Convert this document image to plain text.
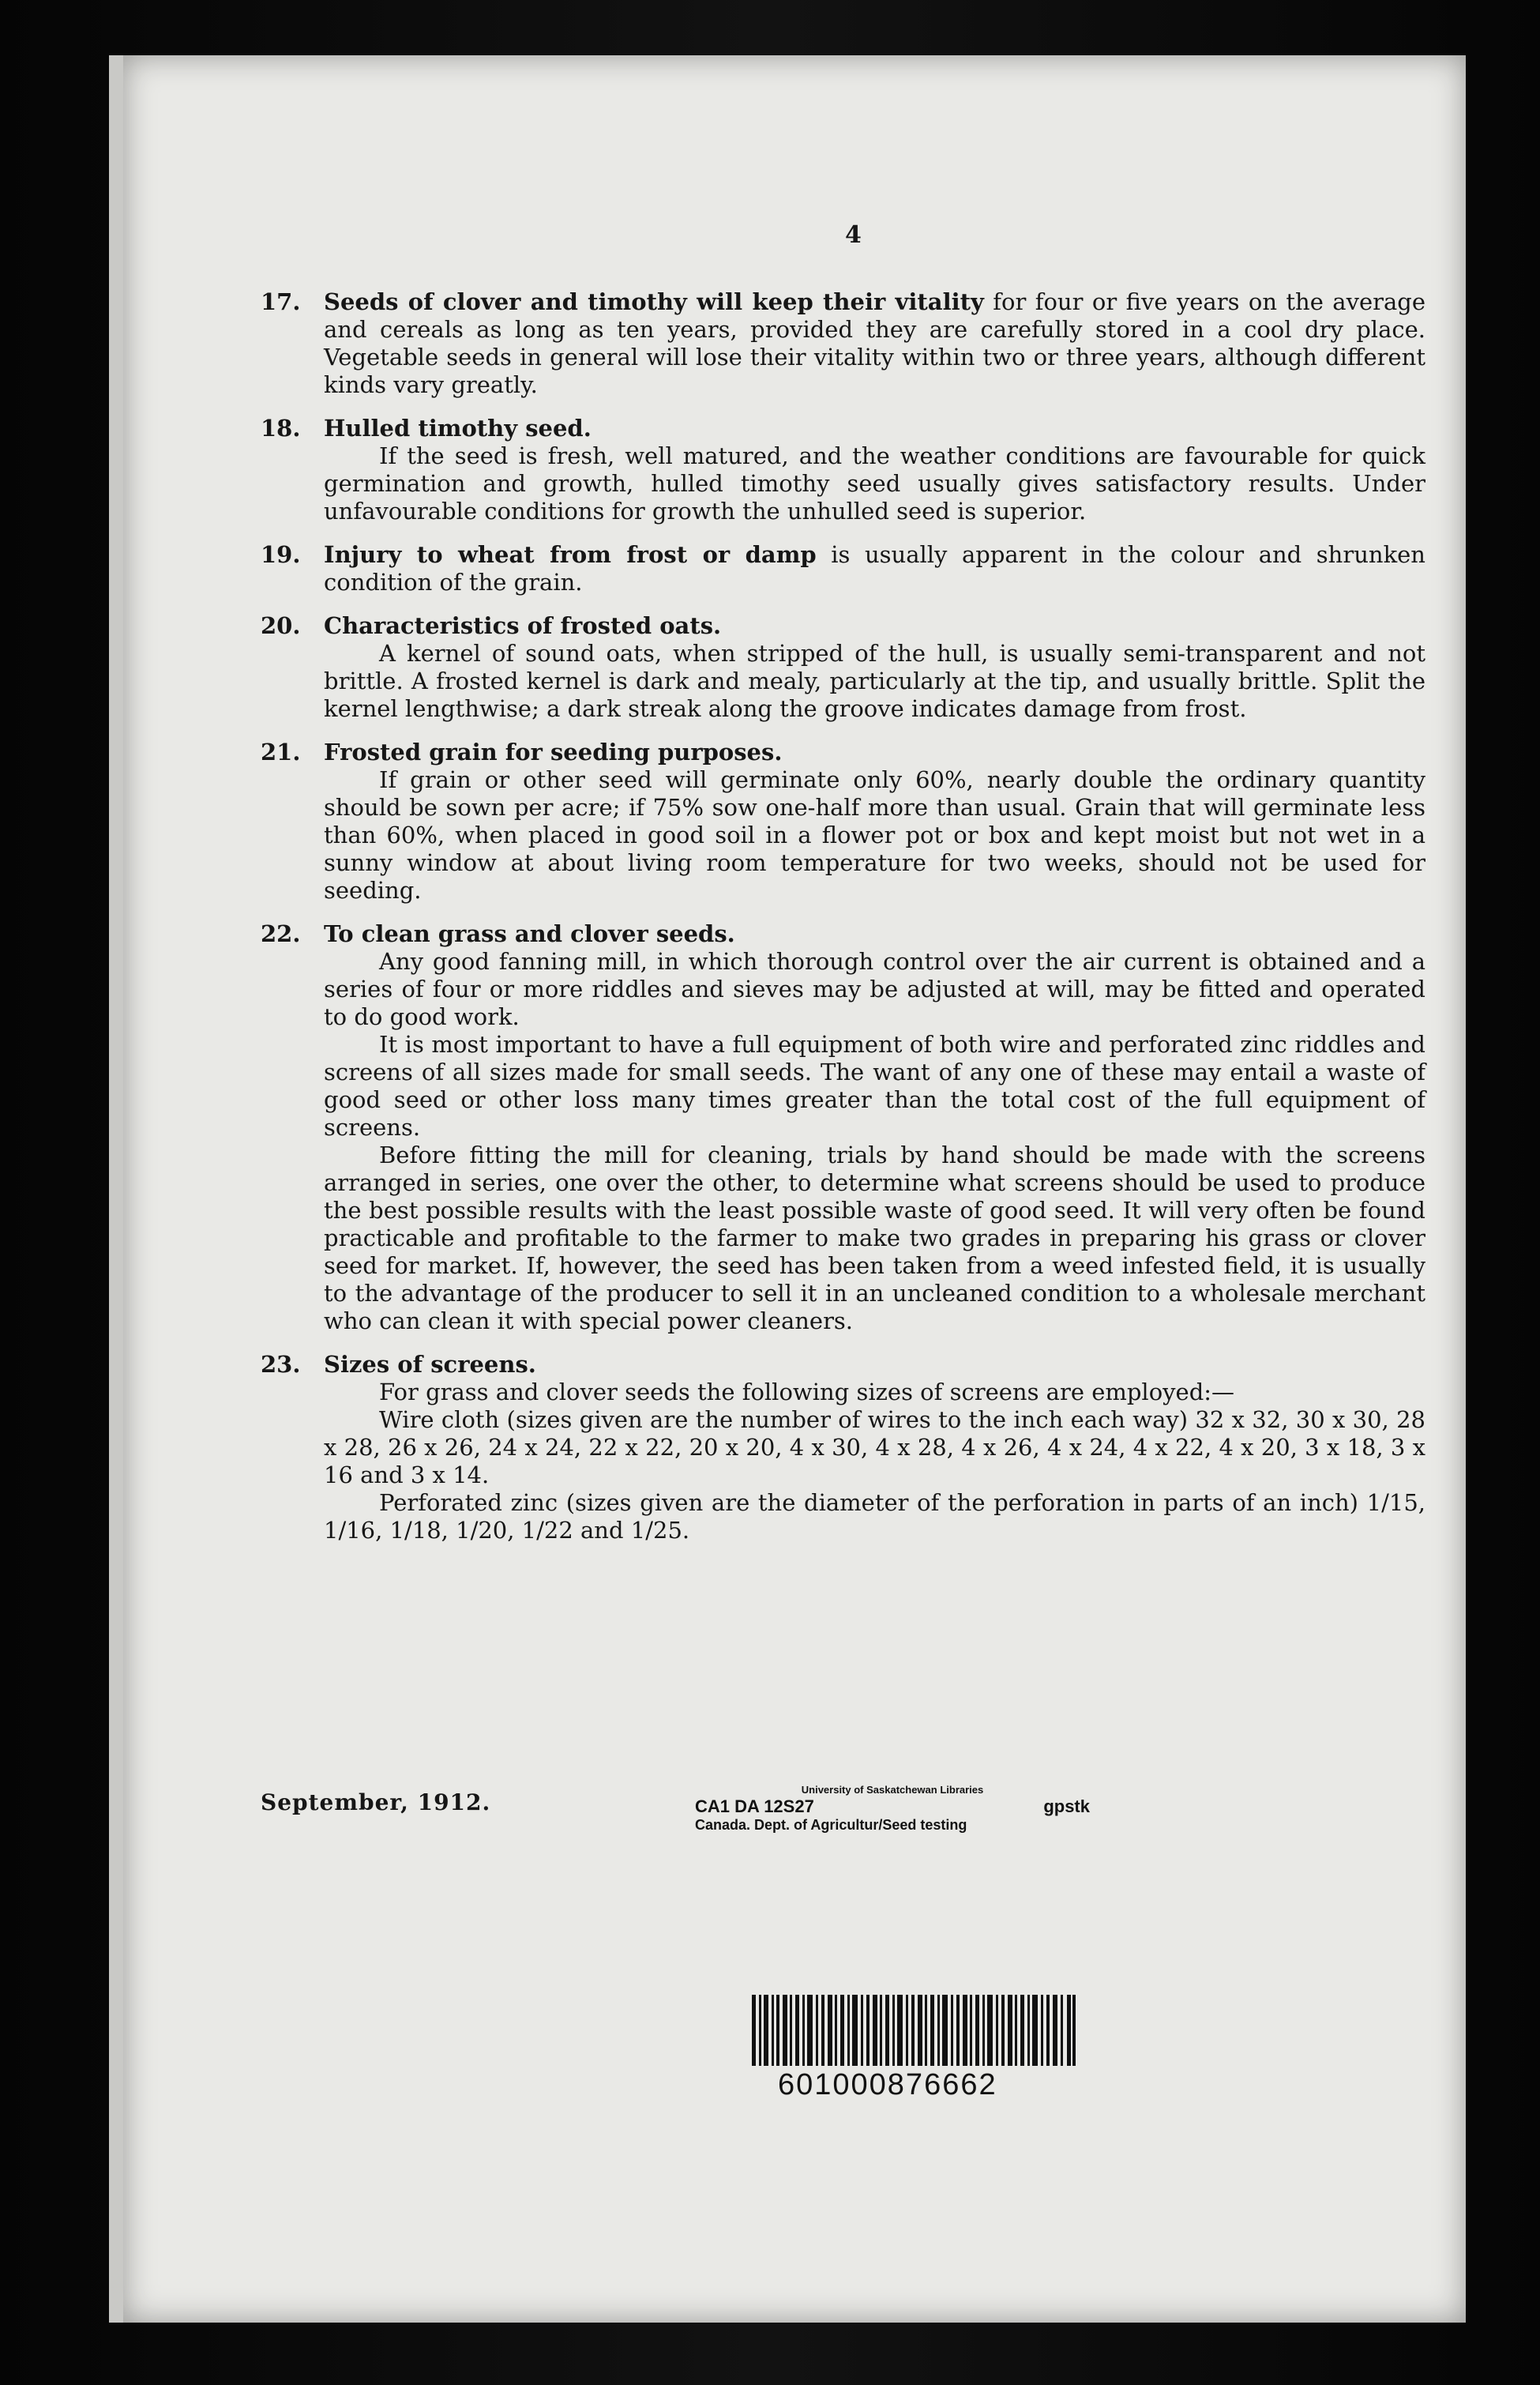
4
17.	Seeds of clover and timothy will keep their vitality for four or five years on the average and cereals as long as ten years, provided they are carefully stored in a cool dry place. Vegetable seeds in general will lose their vitality within two or three years, although different kinds vary greatly.

18.	Hulled timothy seed.

If the seed is fresh, well matured, and the weather conditions are favourable for quick germination and growth, hulled timothy seed usually gives satisfactory results. Under unfavourable conditions for growth the unhulled seed is superior.

19.	Injury to wheat from frost or damp is usually apparent in the colour and shrunken condition of the grain.

20.	Characteristics of frosted oats.

A kernel of sound oats, when stripped of the hull, is usually semi-transparent and not brittle. A frosted kernel is dark and mealy, particularly at the tip, and usually brittle. Split the kernel lengthwise; a dark streak along the groove indicates damage from frost.

21.	Frosted grain for seeding purposes.

If grain or other seed will germinate only 60%, nearly double the ordinary quantity should be sown per acre; if 75% sow one-half more than usual. Grain that will germinate less than 60%, when placed in good soil in a flower pot or box and kept moist but not wet in a sunny window at about living room temperature for two weeks, should not be used for seeding.

22.	To clean grass and clover seeds.

Any good fanning mill, in which thorough control over the air current is obtained and a series of four or more riddles and sieves may be adjusted at will, may be fitted and operated to do good work.

It is most important to have a full equipment of both wire and perforated zinc riddles and screens of all sizes made for small seeds. The want of any one of these may entail a waste of good seed or other loss many times greater than the total cost of the full equipment of screens.

Before fitting the mill for cleaning, trials by hand should be made with the screens arranged in series, one over the other, to determine what screens should be used to produce the best possible results with the least possible waste of good seed. It will very often be found practicable and profitable to the farmer to make two grades in preparing his grass or clover seed for market. If, however, the seed has been taken from a weed infested field, it is usually to the advantage of the producer to sell it in an uncleaned condition to a wholesale merchant who can clean it with special power cleaners.

23.	Sizes of screens.

For grass and clover seeds the following sizes of screens are employed:—

Wire cloth (sizes given are the number of wires to the inch each way) 32 x 32, 30 x 30, 28 x 28, 26 x 26, 24 x 24, 22 x 22, 20 x 20, 4 x 30, 4 x 28, 4 x 26, 4 x 24, 4 x 22, 4 x 20, 3 x 18, 3 x 16 and 3 x 14.

Perforated zinc (sizes given are the diameter of the perforation in parts of an inch) 1/15, 1/16, 1/18, 1/20, 1/22 and 1/25.

September, 1912.	University of Saskatchewan Libraries
CA1 DA 12S27	gpstk
Canada. Dept. of Agricultur/Seed testing
601000876662
